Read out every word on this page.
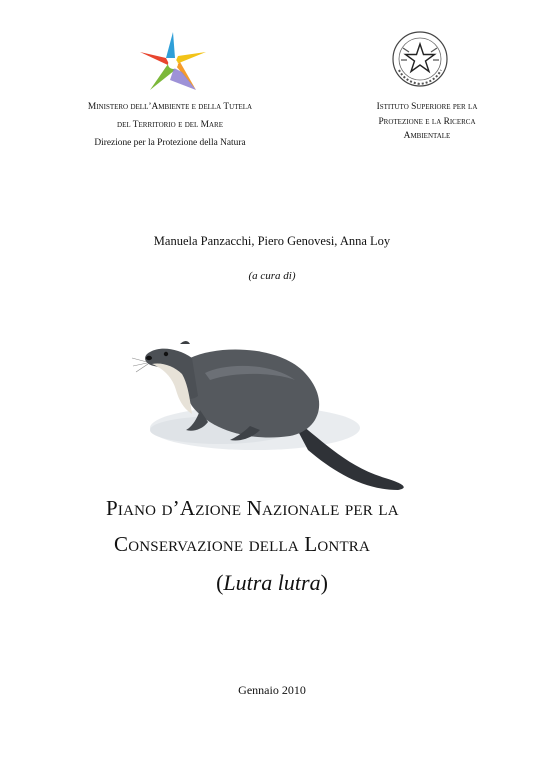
Ministero dell’Ambiente e della Tutela
del Territorio e del Mare
Direzione per la Protezione della Natura
Istituto Superiore per la
Protezione e la Ricerca
Ambientale
Manuela Panzacchi, Piero Genovesi, Anna Loy
(a cura di)
Piano d’Azione Nazionale per la
Conservazione della Lontra
(Lutra lutra)
Gennaio 2010
